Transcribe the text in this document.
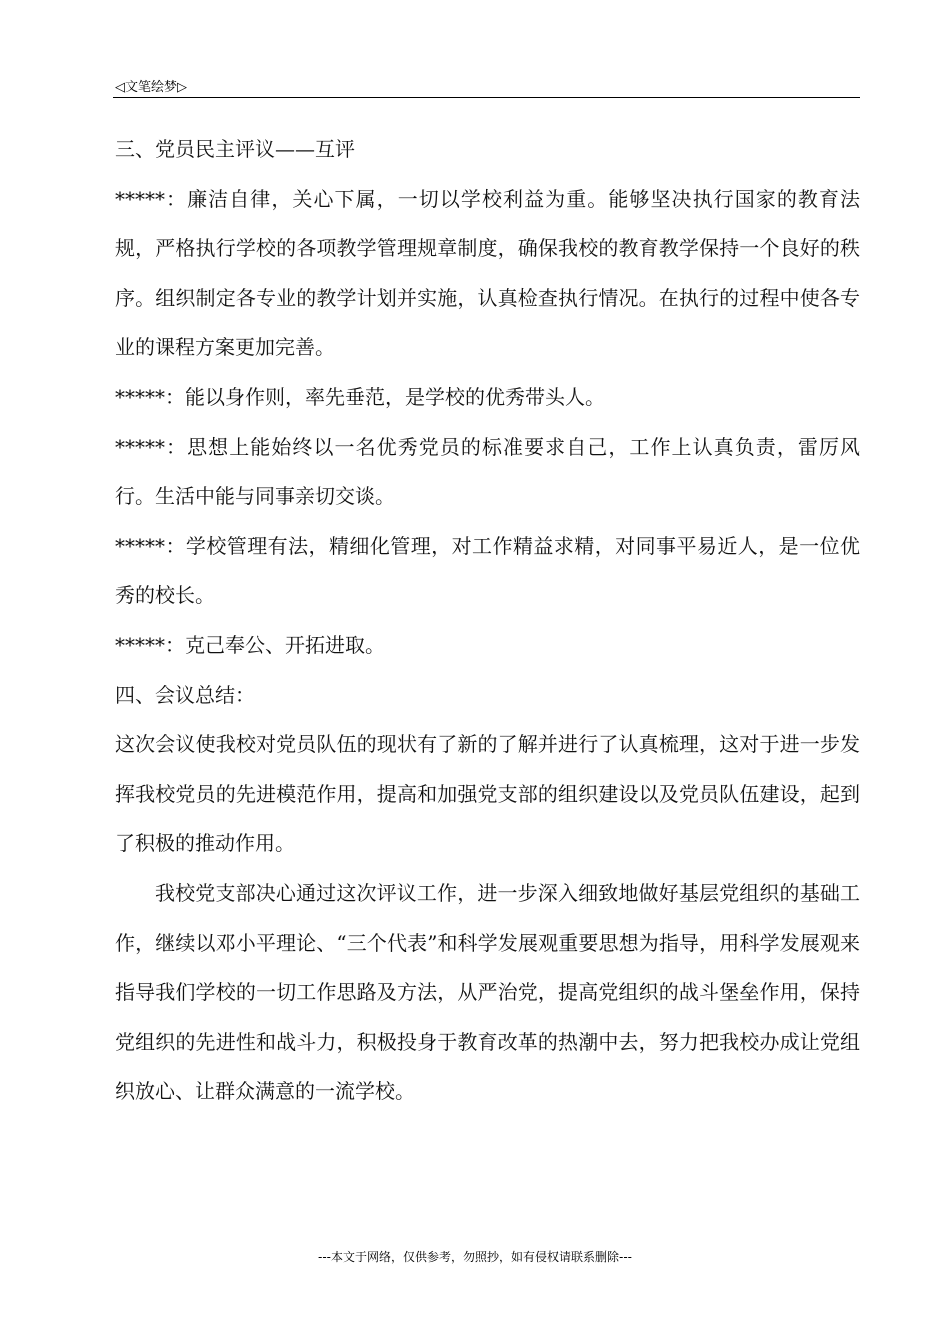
◁文笔绘梦▷

三、党员民主评议——互评

*****：廉洁自律，关心下属，一切以学校利益为重。能够坚决执行国家的教育法规，严格执行学校的各项教学管理规章制度，确保我校的教育教学保持一个良好的秩序。组织制定各专业的教学计划并实施，认真检查执行情况。在执行的过程中使各专业的课程方案更加完善。

*****：能以身作则，率先垂范，是学校的优秀带头人。

*****：思想上能始终以一名优秀党员的标准要求自己，工作上认真负责，雷厉风行。生活中能与同事亲切交谈。

*****：学校管理有法，精细化管理，对工作精益求精，对同事平易近人，是一位优秀的校长。

*****：克己奉公、开拓进取。

四、会议总结：

这次会议使我校对党员队伍的现状有了新的了解并进行了认真梳理，这对于进一步发挥我校党员的先进模范作用，提高和加强党支部的组织建设以及党员队伍建设，起到了积极的推动作用。

我校党支部决心通过这次评议工作，进一步深入细致地做好基层党组织的基础工作，继续以邓小平理论、“三个代表”和科学发展观重要思想为指导，用科学发展观来指导我们学校的一切工作思路及方法，从严治党，提高党组织的战斗堡垒作用，保持党组织的先进性和战斗力，积极投身于教育改革的热潮中去，努力把我校办成让党组织放心、让群众满意的一流学校。

---本文于网络，仅供参考，勿照抄，如有侵权请联系删除---
